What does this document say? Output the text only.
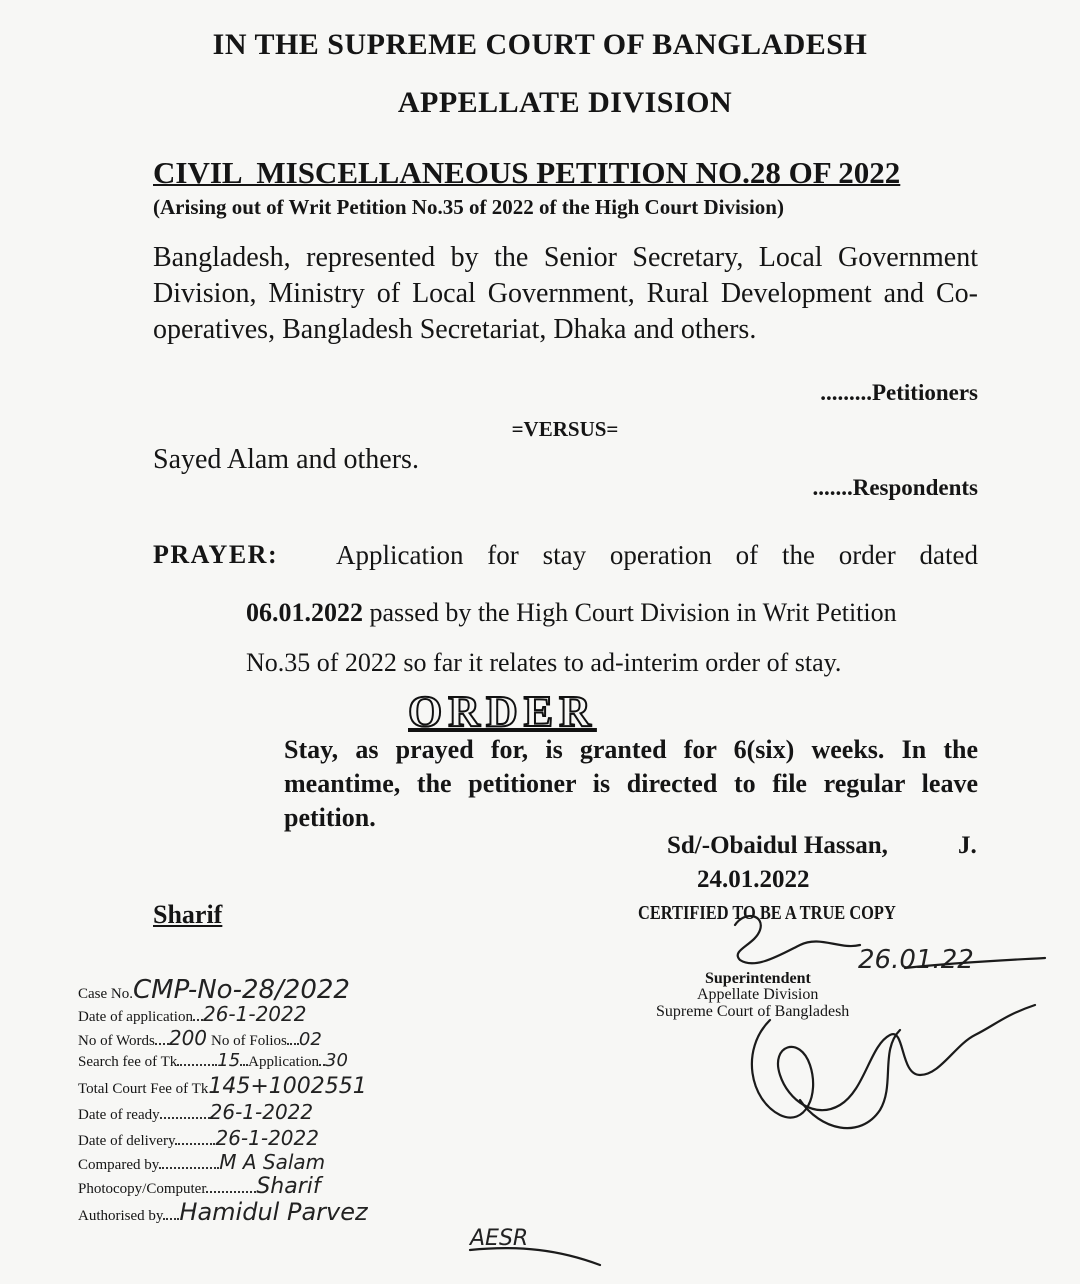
IN THE SUPREME COURT OF BANGLADESH
APPELLATE DIVISION
CIVIL  MISCELLANEOUS PETITION NO.28 OF 2022
(Arising out of Writ Petition No.35 of 2022 of the High Court Division)
Bangladesh, represented by the Senior Secretary, Local Government Division, Ministry of Local Government, Rural Development and Co-operatives, Bangladesh Secretariat, Dhaka and others.
.........Petitioners
=VERSUS=
Sayed Alam and others.
.......Respondents
PRAYER: Application for stay operation of the order dated
06.01.2022 passed by the High Court Division in Writ Petition
No.35 of 2022 so far it relates to ad-interim order of stay.
ORDER
Stay, as prayed for, is granted for 6(six) weeks. In the meantime, the petitioner is directed to file regular leave petition.
Sd/-Obaidul Hassan,	J.
24.01.2022
Sharif	CERTIFIED TO BE A TRUE COPY
26.01.22
Superintendent
Appellate Division
Supreme Court of Bangladesh
Case No.CMP-No-28/2022
Date of application 26-1-2022
No of Words 200 No of Folios 02
Search fee of Tk 15 Application 30
Total Court Fee of Tk145+1002551
Date of ready	26-1-2022
Date of delivery 26-1-2022
Compared by	M A Salam
Photocopy/Computer Sharif
Authorised by Hamidul Parvez
AESR
